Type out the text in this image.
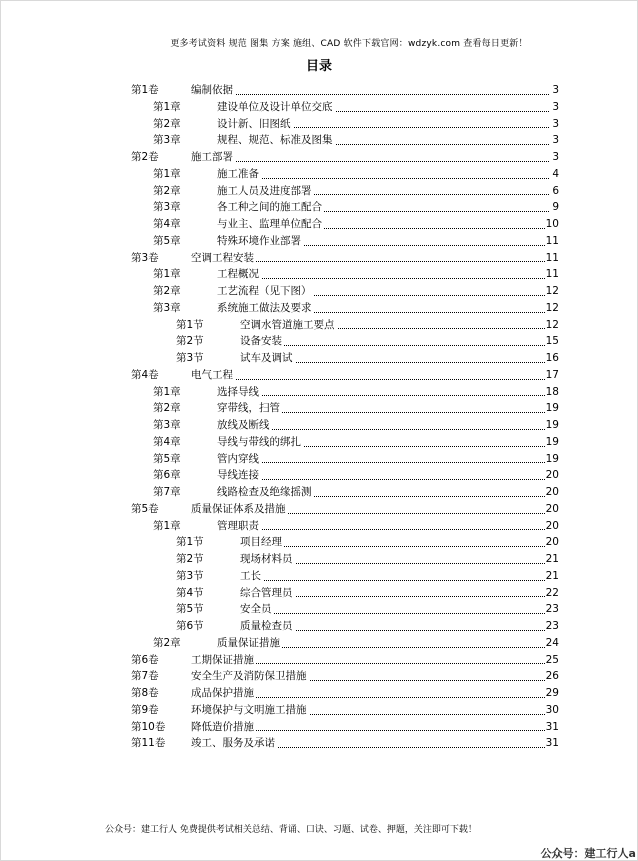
更多考试资料 规范 图集 方案 施组、CAD 软件下载官网：wdzyk.com 查看每日更新！
目录
第1卷	编制依据	3
第1章	建设单位及设计单位交底	3
第2章	设计新、旧图纸	3
第3章	规程、规范、标准及图集	3
第2卷	施工部署	3
第1章	施工准备	4
第2章	施工人员及进度部署	6
第3章	各工种之间的施工配合	9
第4章	与业主、监理单位配合	10
第5章	特殊环境作业部署	11
第3卷	空调工程安装	11
第1章	工程概况	11
第2章	工艺流程（见下图）	12
第3章	系统施工做法及要求	12
第1节	空调水管道施工要点	12
第2节	设备安装	15
第3节	试车及调试	16
第4卷	电气工程	17
第1章	选择导线	18
第2章	穿带线，扫管	19
第3章	放线及断线	19
第4章	导线与带线的绑扎	19
第5章	管内穿线	19
第6章	导线连接	20
第7章	线路检查及绝缘摇测	20
第5卷	质量保证体系及措施	20
第1章	管理职责	20
第1节	项目经理	20
第2节	现场材料员	21
第3节	工长	21
第4节	综合管理员	22
第5节	安全员	23
第6节	质量检查员	23
第2章	质量保证措施	24
第6卷	工期保证措施	25
第7卷	安全生产及消防保卫措施	26
第8卷	成品保护措施	29
第9卷	环境保护与文明施工措施	30
第10卷 降低造价措施	31
第11卷 竣工、服务及承诺	31
公众号：建工行人 免费提供考试相关总结、背诵、口诀、习题、试卷、押题，关注即可下载！
公众号：建工行人a
